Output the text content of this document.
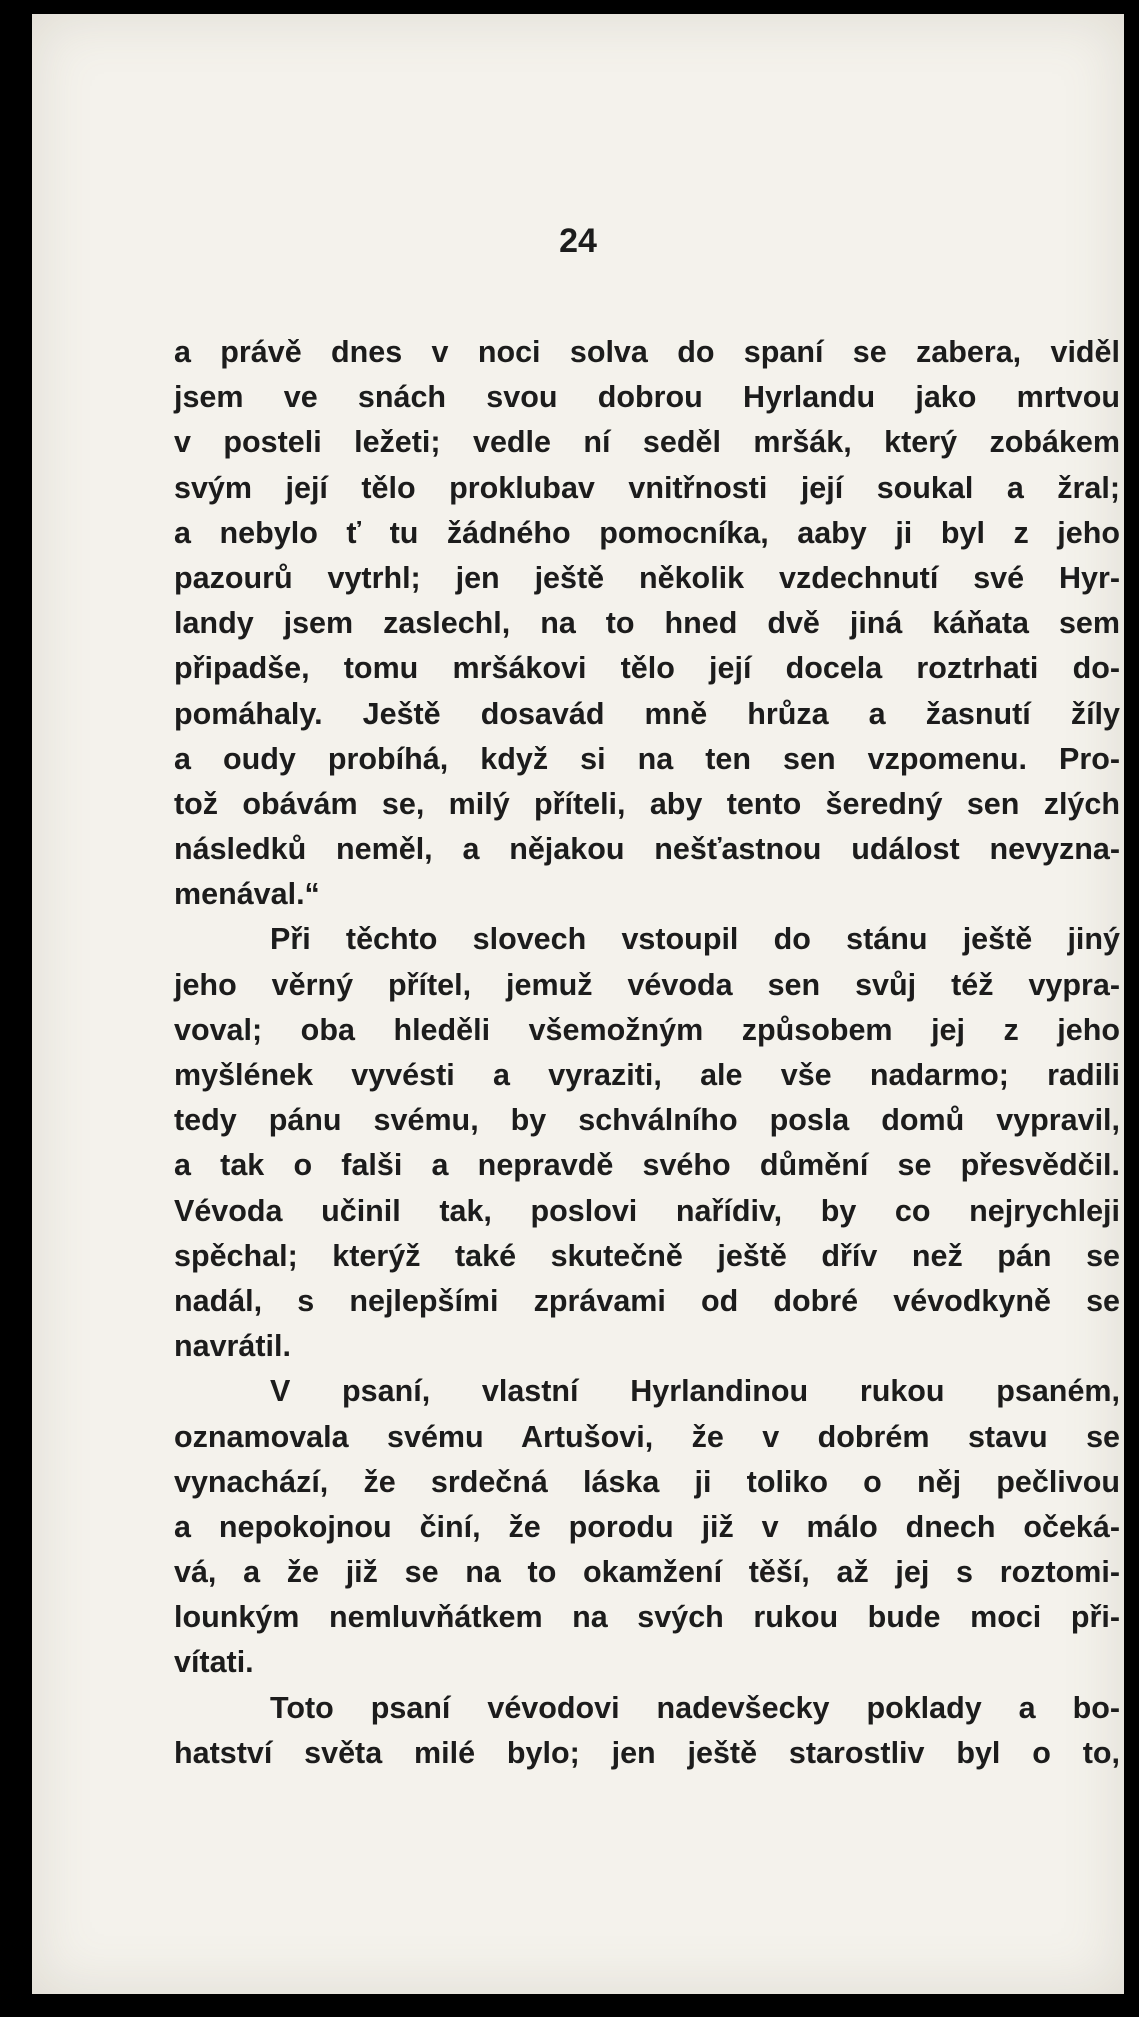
24
a právě dnes v noci solva do spaní se zabera, viděl
jsem ve snách svou dobrou Hyrlandu jako mrtvou
v posteli ležeti; vedle ní seděl mršák, který zobákem
svým její tělo proklubav vnitřnosti její soukal a žral;
a nebylo ť tu žádného pomocníka, aaby ji byl z jeho
pazourů vytrhl; jen ještě několik vzdechnutí své Hyr-
landy jsem zaslechl, na to hned dvě jiná káňata sem
připadše, tomu mršákovi tělo její docela roztrhati do-
pomáhaly. Ještě dosavád mně hrůza a žasnutí žíly
a oudy probíhá, když si na ten sen vzpomenu. Pro-
tož obávám se, milý příteli, aby tento šeredný sen zlých
následků neměl, a nějakou nešťastnou událost nevyzna-
menával.“
Při těchto slovech vstoupil do stánu ještě jiný
jeho věrný přítel, jemuž vévoda sen svůj též vypra-
voval; oba hleděli všemožným způsobem jej z jeho
myšlének vyvésti a vyraziti, ale vše nadarmo; radili
tedy pánu svému, by schválního posla domů vypravil,
a tak o falši a nepravdě svého důmění se přesvědčil.
Vévoda učinil tak, poslovi nařídiv, by co nejrychleji
spěchal; kterýž také skutečně ještě dřív než pán se
nadál, s nejlepšími zprávami od dobré vévodkyně se
navrátil.
V psaní, vlastní Hyrlandinou rukou psaném,
oznamovala svému Artušovi, že v dobrém stavu se
vynachází, že srdečná láska ji toliko o něj pečlivou
a nepokojnou činí, že porodu již v málo dnech očeká-
vá, a že již se na to okamžení těší, až jej s roztomi-
lounkým nemluvňátkem na svých rukou bude moci při-
vítati.
Toto psaní vévodovi nadevšecky poklady a bo-
hatství světa milé bylo; jen ještě starostliv byl o to,
